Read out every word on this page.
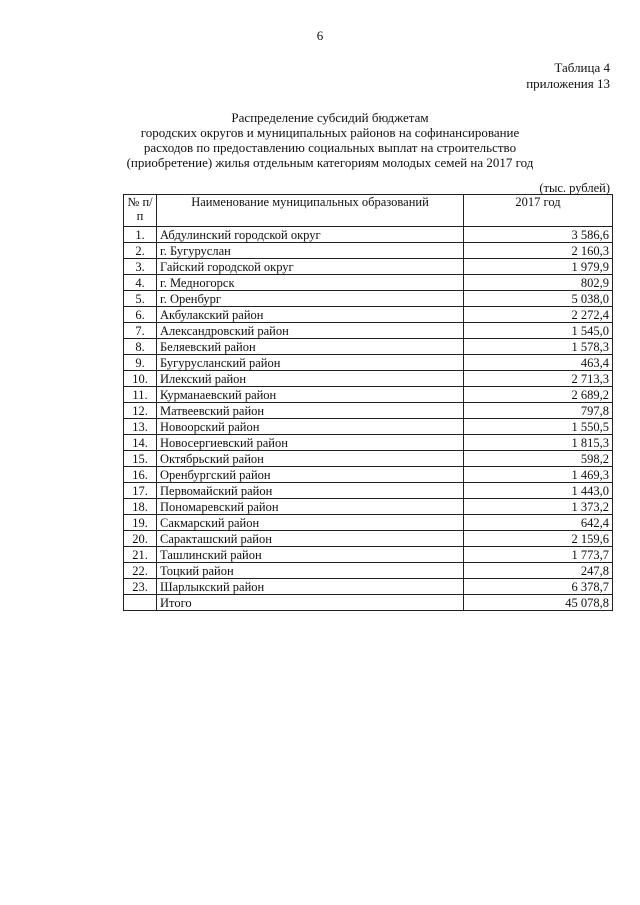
6
Таблица 4
приложения 13
Распределение субсидий бюджетам
городских округов и муниципальных районов на софинансирование
расходов по предоставлению социальных выплат на строительство
(приобретение) жилья отдельным категориям молодых семей на 2017 год
(тыс. рублей)
№ п/п	Наименование муниципальных образований	2017 год
1.	Абдулинский городской округ	3 586,6
2.	г. Бугуруслан	2 160,3
3.	Гайский городской округ	1 979,9
4.	г. Медногорск	802,9
5.	г. Оренбург	5 038,0
6.	Акбулакский район	2 272,4
7.	Александровский район	1 545,0
8.	Беляевский район	1 578,3
9.	Бугурусланский район	463,4
10.	Илекский район	2 713,3
11.	Курманаевский район	2 689,2
12.	Матвеевский район	797,8
13.	Новоорский район	1 550,5
14.	Новосергиевский район	1 815,3
15.	Октябрьский район	598,2
16.	Оренбургский район	1 469,3
17.	Первомайский район	1 443,0
18.	Пономаревский район	1 373,2
19.	Сакмарский район	642,4
20.	Саракташский район	2 159,6
21.	Ташлинский район	1 773,7
22.	Тоцкий район	247,8
23.	Шарлыкский район	6 378,7
	Итого	45 078,8
